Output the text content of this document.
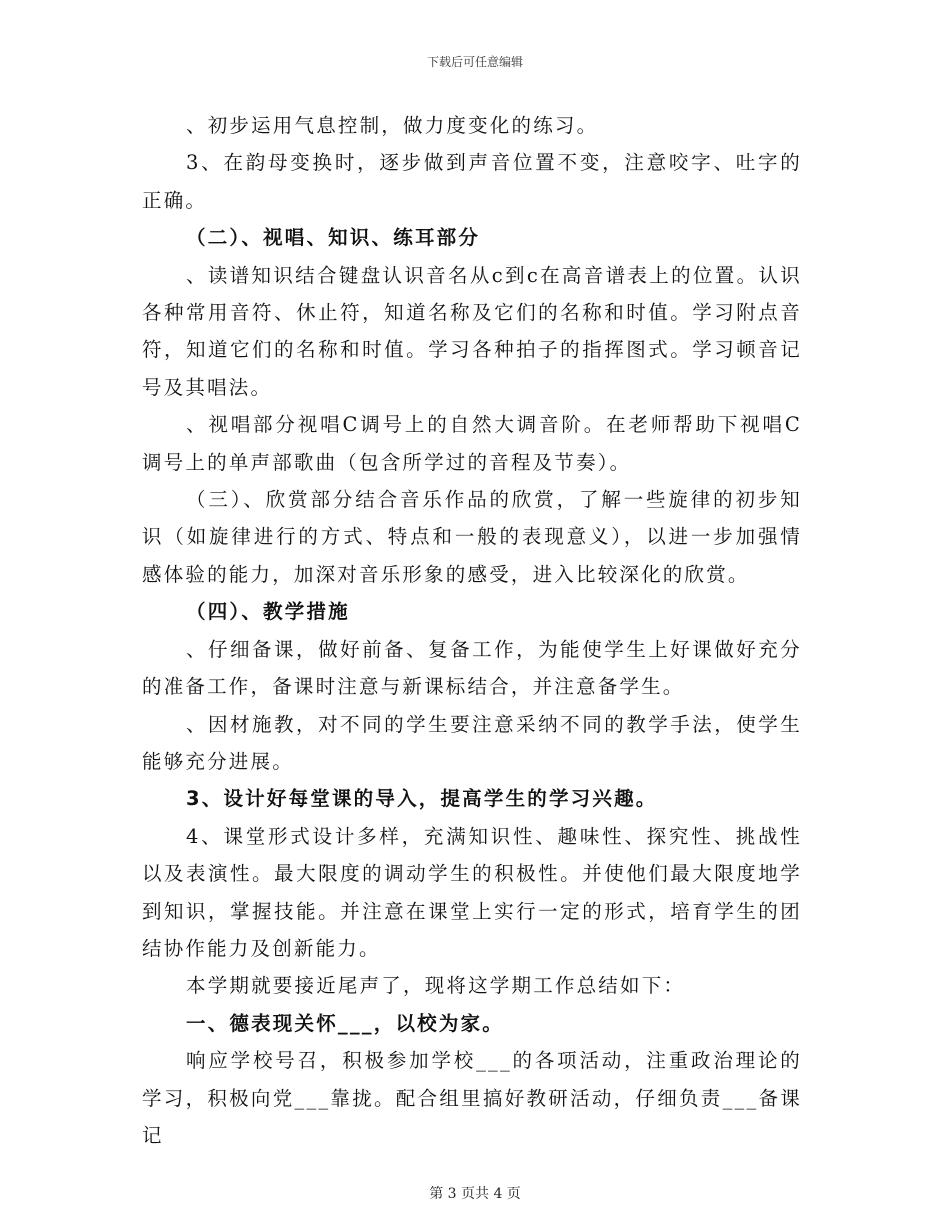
下载后可任意编辑

、初步运用气息控制，做力度变化的练习。

3、在韵母变换时，逐步做到声音位置不变，注意咬字、吐字的正确。

（二）、视唱、知识、练耳部分

、读谱知识结合键盘认识音名从c到c在高音谱表上的位置。认识各种常用音符、休止符，知道名称及它们的名称和时值。学习附点音符，知道它们的名称和时值。学习各种拍子的指挥图式。学习顿音记号及其唱法。

、视唱部分视唱C调号上的自然大调音阶。在老师帮助下视唱C调号上的单声部歌曲（包含所学过的音程及节奏）。

（三）、欣赏部分结合音乐作品的欣赏，了解一些旋律的初步知识（如旋律进行的方式、特点和一般的表现意义），以进一步加强情感体验的能力，加深对音乐形象的感受，进入比较深化的欣赏。

（四）、教学措施

、仔细备课，做好前备、复备工作，为能使学生上好课做好充分的准备工作，备课时注意与新课标结合，并注意备学生。

、因材施教，对不同的学生要注意采纳不同的教学手法，使学生能够充分进展。

3、设计好每堂课的导入，提高学生的学习兴趣。

4、课堂形式设计多样，充满知识性、趣味性、探究性、挑战性以及表演性。最大限度的调动学生的积极性。并使他们最大限度地学到知识，掌握技能。并注意在课堂上实行一定的形式，培育学生的团结协作能力及创新能力。

本学期就要接近尾声了，现将这学期工作总结如下：

一、德表现关怀___，以校为家。

响应学校号召，积极参加学校___的各项活动，注重政治理论的学习，积极向党___靠拢。配合组里搞好教研活动，仔细负责___备课记

第 3 页共 4 页
